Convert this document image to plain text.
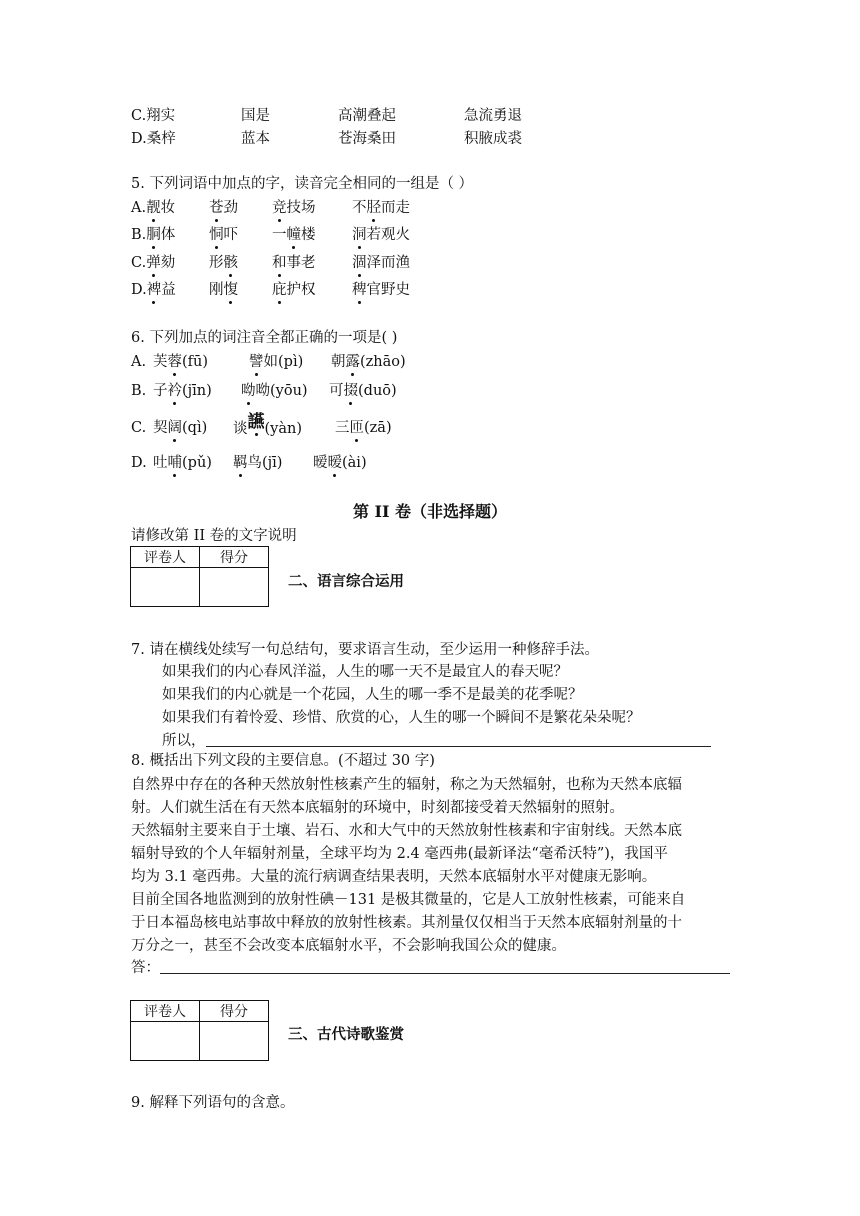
C.翔实	国是	高潮叠起	急流勇退
D.桑梓	蓝本	苍海桑田	积腋成裘
5. 下列词语中加点的字，读音完全相同的一组是（ ）
A.靓妆 苍劲 竞技场	不胫而走
B.胴体 恫吓 一幢楼	洞若观火
C.弹劾 形骸 和事老	涸泽而渔
D.裨益 刚愎 庇护权	稗官野史
6. 下列加点的词注音全都正确的一项是( )
A. 芙蓉(fū)	譬如(pì) 朝露(zhāo)
B. 子衿(jīn) 呦呦(yōu) 可掇(duō)
C. 契阔(qì) 谈讌(yàn) 三匝(zā)
D. 吐哺(pǔ) 羁鸟(jī) 暧暧(ài)
第 II 卷（非选择题）
请修改第 II 卷的文字说明
评卷人	得分

二、语言综合运用
7. 请在横线处续写一句总结句，要求语言生动，至少运用一种修辞手法。
如果我们的内心春风洋溢，人生的哪一天不是最宜人的春天呢？
如果我们的内心就是一个花园，人生的哪一季不是最美的花季呢？
如果我们有着怜爱、珍惜、欣赏的心，人生的哪一个瞬间不是繁花朵朵呢？
所以，
8. 概括出下列文段的主要信息。(不超过 30 字)
自然界中存在的各种天然放射性核素产生的辐射，称之为天然辐射，也称为天然本底辐
射。人们就生活在有天然本底辐射的环境中，时刻都接受着天然辐射的照射。
天然辐射主要来自于土壤、岩石、水和大气中的天然放射性核素和宇宙射线。天然本底
辐射导致的个人年辐射剂量，全球平均为 2.4 毫西弗(最新译法“毫希沃特”)，我国平
均为 3.1 毫西弗。大量的流行病调查结果表明，天然本底辐射水平对健康无影响。
目前全国各地监测到的放射性碘－131 是极其微量的，它是人工放射性核素，可能来自
于日本福岛核电站事故中释放的放射性核素。其剂量仅仅相当于天然本底辐射剂量的十
万分之一，甚至不会改变本底辐射水平，不会影响我国公众的健康。
答：
评卷人	得分

三、古代诗歌鉴赏
9. 解释下列语句的含意。
